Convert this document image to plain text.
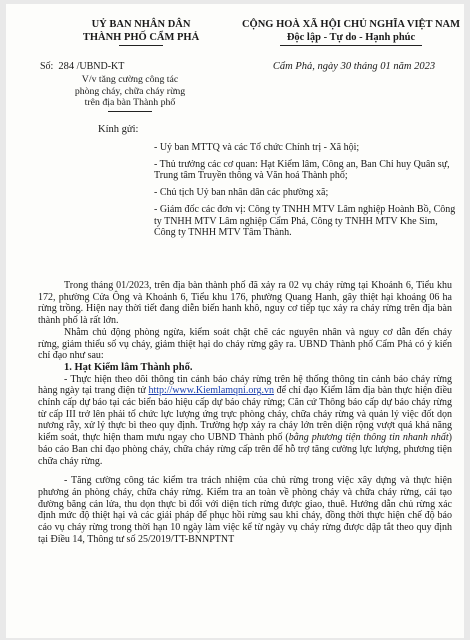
UỶ BAN NHÂN DÂN
THÀNH PHỐ CẨM PHẢ
CỘNG HOÀ XÃ HỘI CHỦ NGHĨA VIỆT NAM
Độc lập - Tự do - Hạnh phúc
Số: 284 /UBND-KT	Cẩm Phả, ngày 30 tháng 01 năm 2023
V/v tăng cường công tác
phòng cháy, chữa cháy rừng
trên địa bàn Thành phố
Kính gửi:

- Uỷ ban MTTQ và các Tổ chức Chính trị - Xã hội;

- Thủ trưởng các cơ quan: Hạt Kiểm lâm, Công an, Ban Chỉ huy Quân sự, Trung tâm Truyền thông và Văn hoá Thành phố;

- Chủ tịch Uỷ ban nhân dân các phường xã;

- Giám đốc các đơn vị: Công ty TNHH MTV Lâm nghiệp Hoành Bồ, Công ty TNHH MTV Lâm nghiệp Cẩm Phả, Công ty TNHH MTV Khe Sim, Công ty TNHH MTV Tâm Thành.

Trong tháng 01/2023, trên địa bàn thành phố đã xảy ra 02 vụ cháy rừng tại Khoảnh 6, Tiểu khu 172, phường Cửa Ông và Khoảnh 6, Tiểu khu 176, phường Quang Hanh, gây thiệt hại khoảng 06 ha rừng trồng. Hiện nay thời tiết đang diễn biến hanh khô, nguy cơ tiếp tục xảy ra cháy rừng trên địa bàn thành phố là rất lớn.

Nhằm chủ động phòng ngừa, kiểm soát chặt chẽ các nguyên nhân và nguy cơ dẫn đến cháy rừng, giảm thiểu số vụ cháy, giảm thiệt hại do cháy rừng gây ra. UBND Thành phố Cẩm Phả có ý kiến chỉ đạo như sau:

1. Hạt Kiểm lâm Thành phố.

- Thực hiện theo dõi thông tin cảnh báo cháy rừng trên hệ thống thông tin cảnh báo cháy rừng hàng ngày tại trang điện tử http://www.Kiemlamqni.org.vn để chỉ đạo Kiểm lâm địa bàn thực hiện điều chỉnh cấp dự báo tại các biển báo hiệu cấp dự báo cháy rừng; Căn cứ Thông báo cấp dự báo cháy rừng từ cấp III trở lên phải tổ chức lực lượng ứng trực phòng cháy, chữa cháy rừng và quản lý việc đốt dọn nương rẫy, xử lý thực bì theo quy định. Trường hợp xảy ra cháy lớn trên diện rộng vượt quá khả năng kiểm soát, thực hiện tham mưu ngay cho UBND Thành phố (bằng phương tiện thông tin nhanh nhất) báo cáo Ban chỉ đạo phòng cháy, chữa cháy rừng cấp trên để hỗ trợ tăng cường lực lượng, phương tiện chữa cháy rừng.

- Tăng cường công tác kiểm tra trách nhiệm của chủ rừng trong việc xây dựng và thực hiện phương án phòng cháy, chữa cháy rừng. Kiểm tra an toàn về phòng cháy và chữa cháy rừng, cải tạo đường băng cản lửa, thu dọn thực bì đối với diện tích rừng được giao, thuê. Hướng dẫn chủ rừng xác định mức độ thiệt hại và các giải pháp để phục hồi rừng sau khi cháy, đồng thời thực hiện chế độ báo cáo vụ cháy rừng trong thời hạn 10 ngày làm việc kể từ ngày vụ cháy rừng được dập tắt theo quy định tại Điều 14, Thông tư số 25/2019/TT-BNNPTNT
